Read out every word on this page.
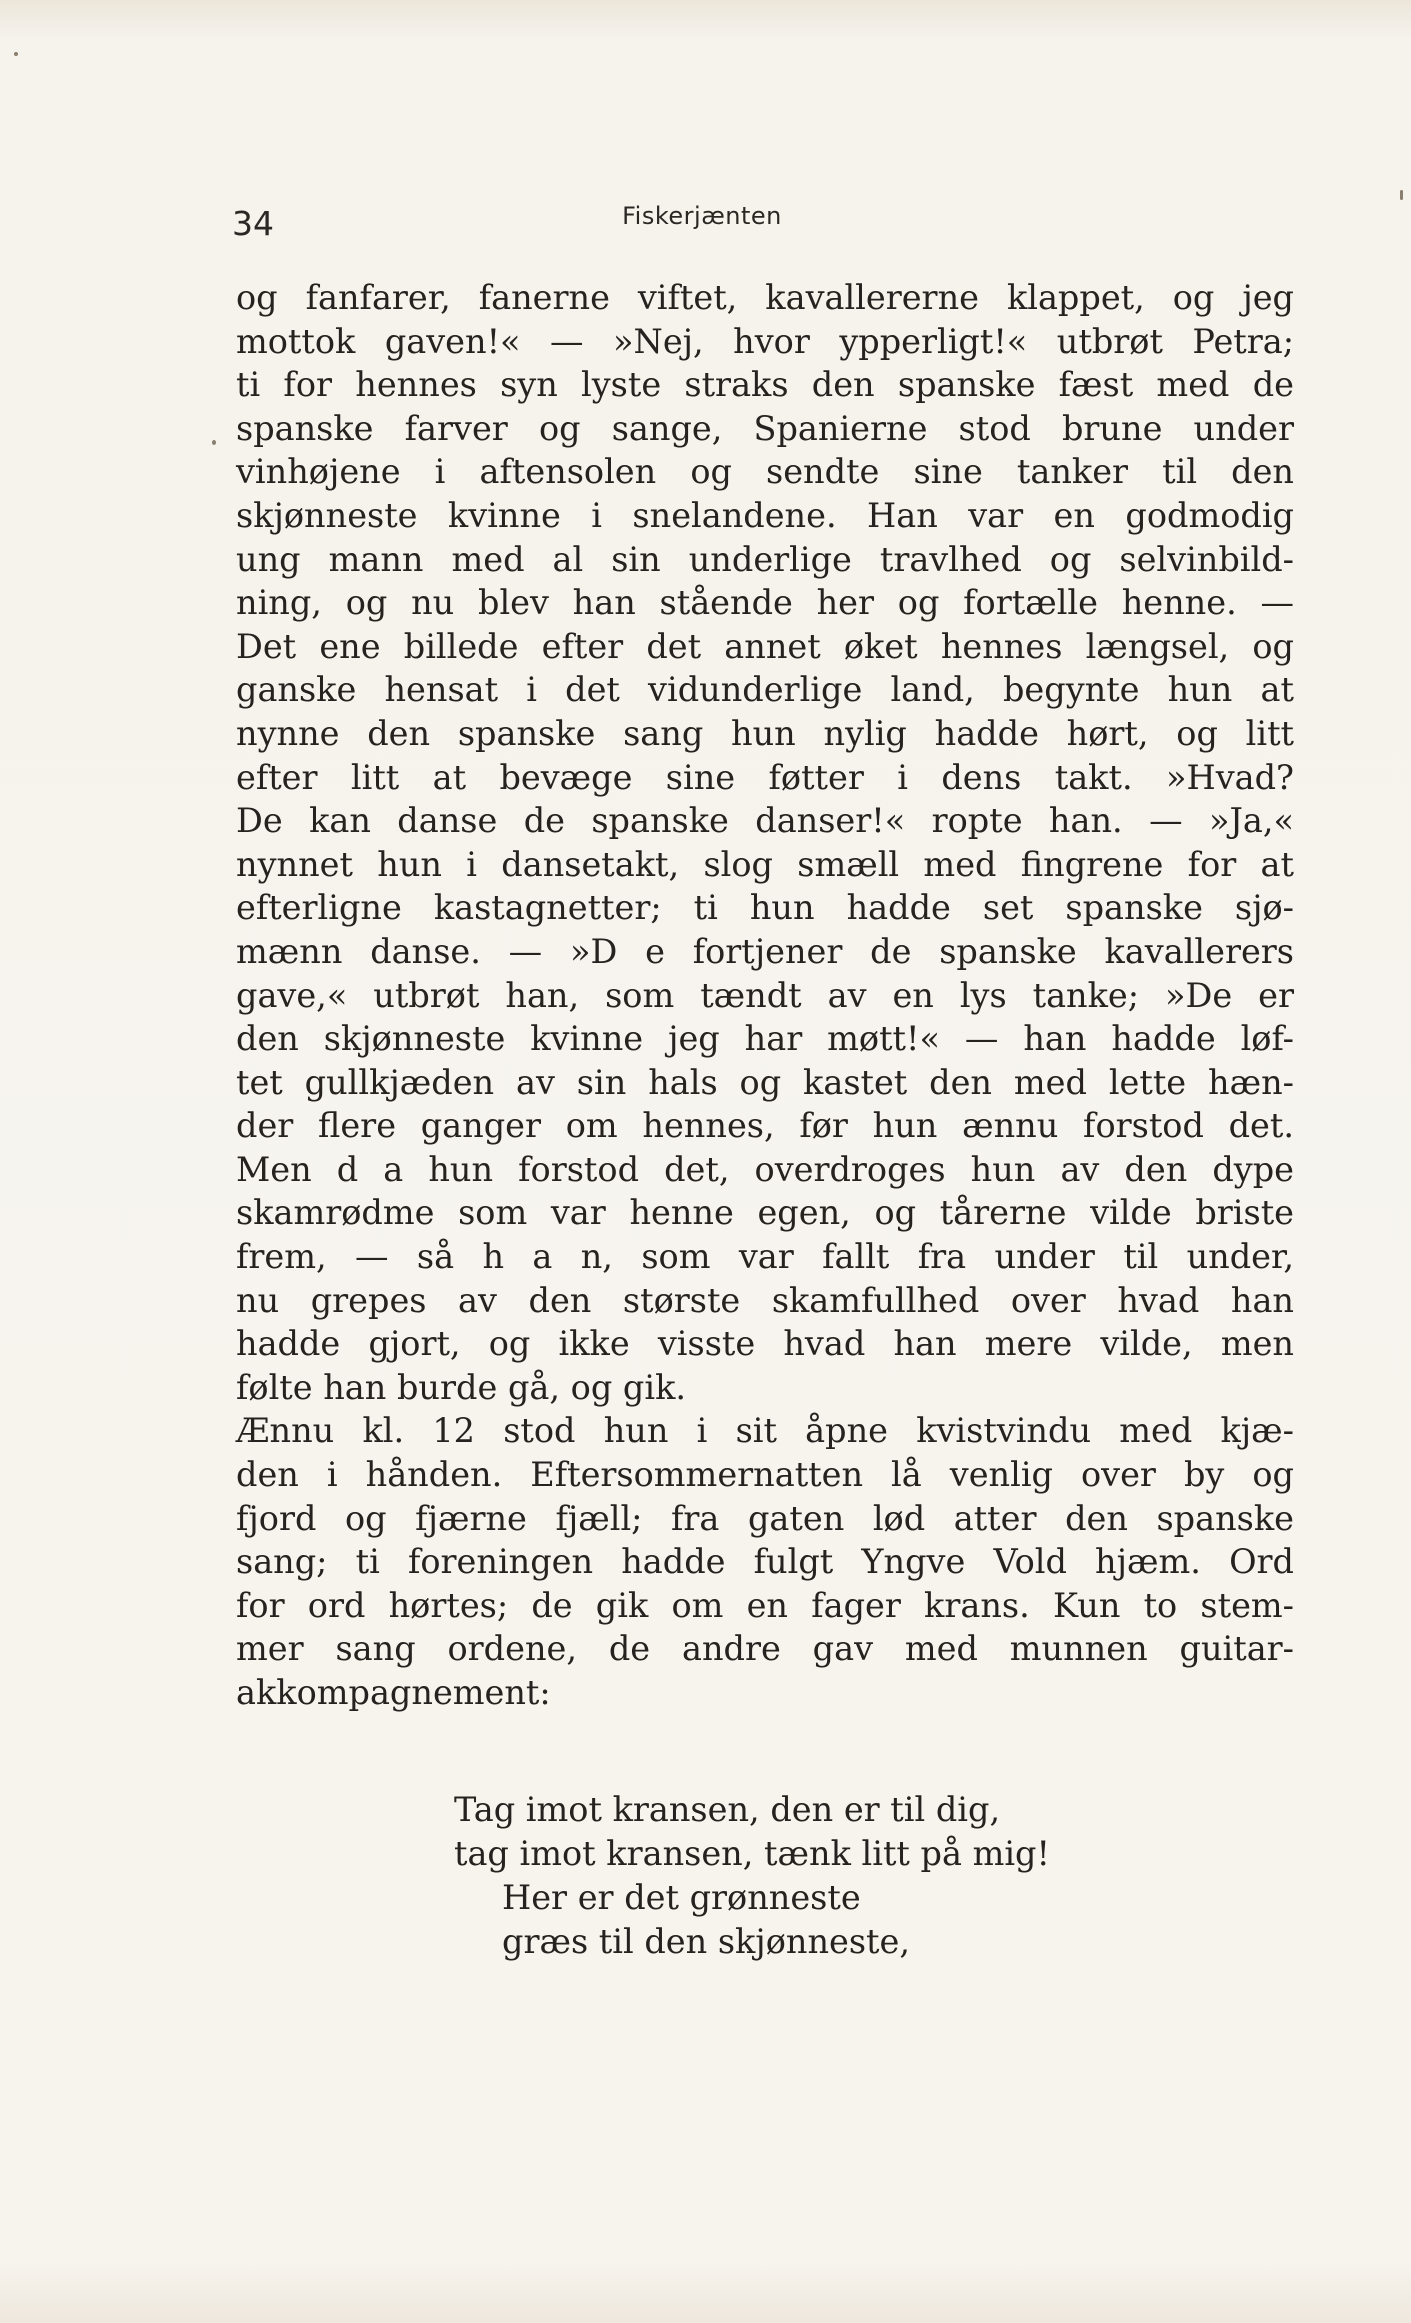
34	Fiskerjænten
og fanfarer, fanerne viftet, kavallererne klappet, og jeg
mottok gaven!« — »Nej, hvor ypperligt!« utbrøt Petra;
ti for hennes syn lyste straks den spanske fæst med de
spanske farver og sange, Spanierne stod brune under
vinhøjene i aftensolen og sendte sine tanker til den
skjønneste kvinne i snelandene. Han var en godmodig
ung mann med al sin underlige travlhed og selvinbild-
ning, og nu blev han stående her og fortælle henne. —
Det ene billede efter det annet øket hennes længsel, og
ganske hensat i det vidunderlige land, begynte hun at
nynne den spanske sang hun nylig hadde hørt, og litt
efter litt at bevæge sine føtter i dens takt. »Hvad?
De kan danse de spanske danser!« ropte han. — »Ja,«
nynnet hun i dansetakt, slog smæll med fingrene for at
efterligne kastagnetter; ti hun hadde set spanske sjø-
mænn danse. — »D e fortjener de spanske kavallerers
gave,« utbrøt han, som tændt av en lys tanke; »De er
den skjønneste kvinne jeg har møtt!« — han hadde løf-
tet gullkjæden av sin hals og kastet den med lette hæn-
der flere ganger om hennes, før hun ænnu forstod det.
Men d a hun forstod det, overdroges hun av den dype
skamrødme som var henne egen, og tårerne vilde briste
frem, — så h a n, som var fallt fra under til under,
nu grepes av den største skamfullhed over hvad han
hadde gjort, og ikke visste hvad han mere vilde, men
følte han burde gå, og gik.
Ænnu kl. 12 stod hun i sit åpne kvistvindu med kjæ-
den i hånden. Eftersommernatten lå venlig over by og
fjord og fjærne fjæll; fra gaten lød atter den spanske
sang; ti foreningen hadde fulgt Yngve Vold hjæm. Ord
for ord hørtes; de gik om en fager krans. Kun to stem-
mer sang ordene, de andre gav med munnen guitar-
akkompagnement:
Tag imot kransen, den er til dig,
tag imot kransen, tænk litt på mig!
Her er det grønneste
græs til den skjønneste,
